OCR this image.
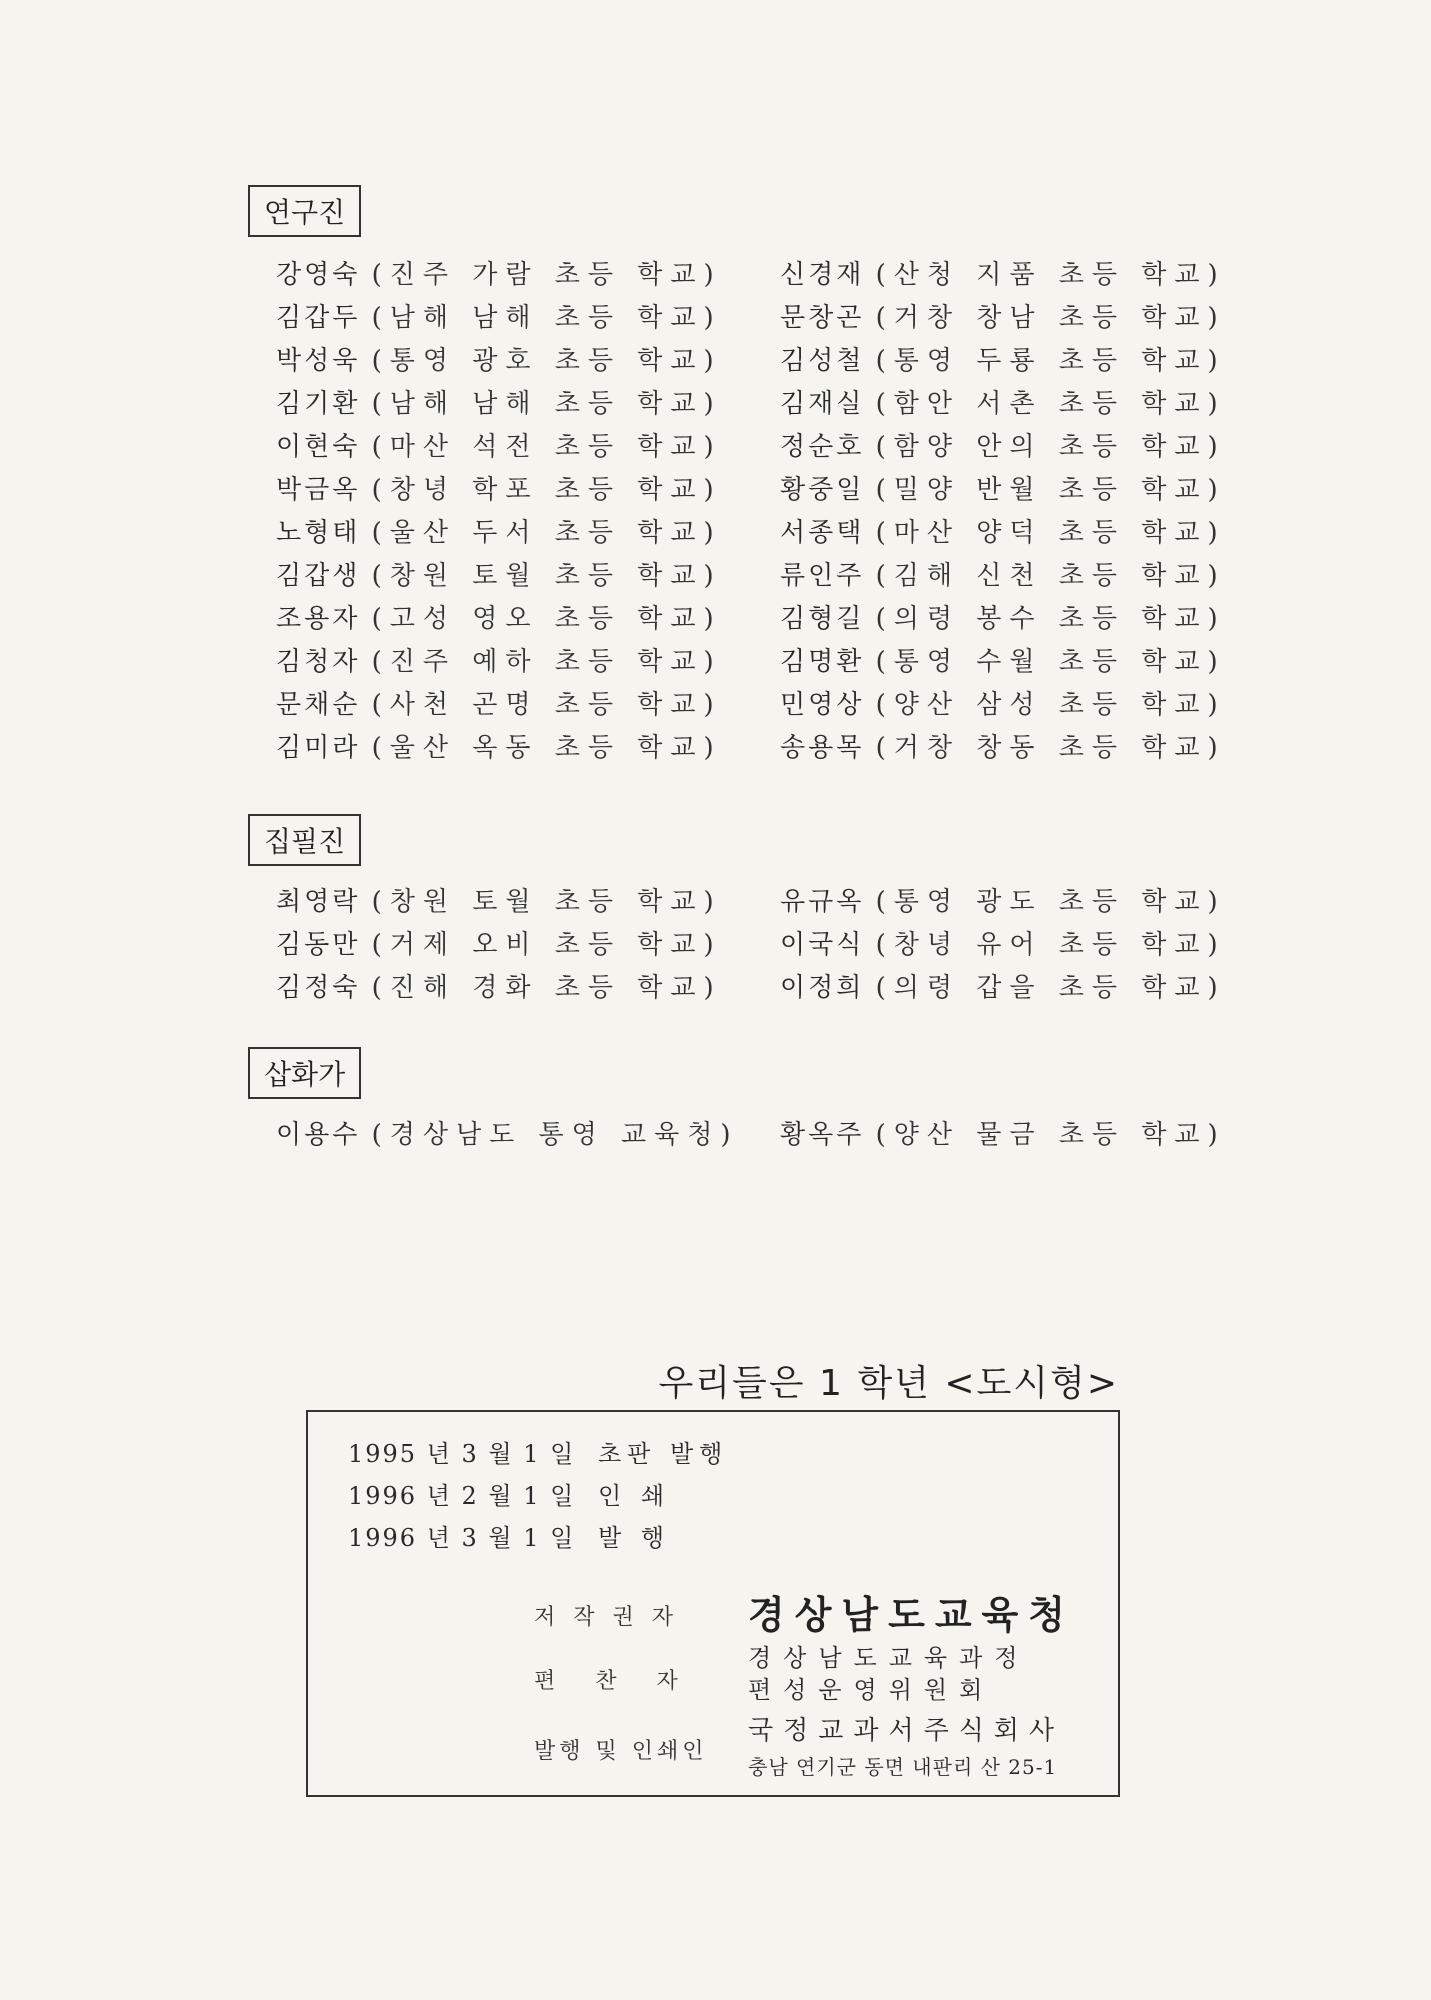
연구진
강영숙 (진주 가람 초등 학교) 신경재 (산청 지품 초등 학교)
김갑두 (남해 남해 초등 학교) 문창곤 (거창 창남 초등 학교)
박성욱 (통영 광호 초등 학교) 김성철 (통영 두룡 초등 학교)
김기환 (남해 남해 초등 학교) 김재실 (함안 서촌 초등 학교)
이현숙 (마산 석전 초등 학교) 정순호 (함양 안의 초등 학교)
박금옥 (창녕 학포 초등 학교) 황중일 (밀양 반월 초등 학교)
노형태 (울산 두서 초등 학교) 서종택 (마산 양덕 초등 학교)
김갑생 (창원 토월 초등 학교) 류인주 (김해 신천 초등 학교)
조용자 (고성 영오 초등 학교) 김형길 (의령 봉수 초등 학교)
김청자 (진주 예하 초등 학교) 김명환 (통영 수월 초등 학교)
문채순 (사천 곤명 초등 학교) 민영상 (양산 삼성 초등 학교)
김미라 (울산 옥동 초등 학교) 송용목 (거창 창동 초등 학교)
집필진
최영락 (창원 토월 초등 학교) 유규옥 (통영 광도 초등 학교)
김동만 (거제 오비 초등 학교) 이국식 (창녕 유어 초등 학교)
김정숙 (진해 경화 초등 학교) 이정희 (의령 갑을 초등 학교)
삽화가
이용수 (경상남도 통영 교육청) 황옥주 (양산 물금 초등 학교)
우리들은 1 학년 <도시형>
1995 년 3 월 1 일 초판 발행
1996 년 2 월 1 일 인 쇄
1996 년 3 월 1 일 발 행
저작권자	경상남도교육청
편찬자
경상남도교육과정
편성운영위원회
발행 및 인쇄인
국정교과서주식회사
충남 연기군 동면 내판리 산 25-1
